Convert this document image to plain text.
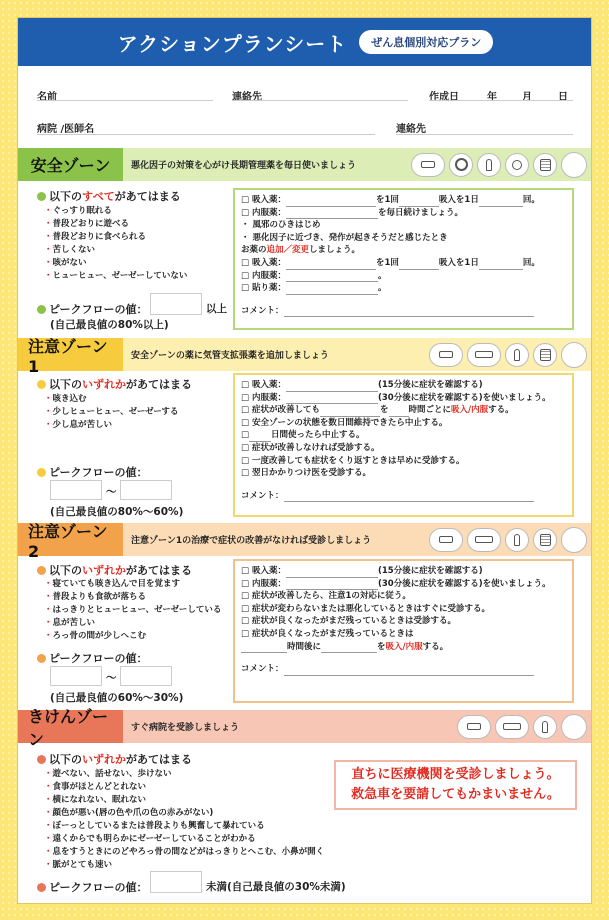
アクションプランシート	ぜん息個別対応プラン
名前	連絡先	作成日	年	月	日
病院 /医師名	連絡先
安全ゾーン	悪化因子の対策を心がけ長期管理薬を毎日使いましょう
以下の すべて があてはまる
・ ぐっすり眠れる
・ 普段どおりに遊べる
・ 普段どおりに食べられる
・ 苦しくない
・ 咳がない
・ ヒューヒュー、ゼーゼーしていない
ピークフローの値：	以上
(自己最良値の80%以上)
□ 吸入薬：	を1回	吸入を1日	回。
□ 内服薬：	を毎日続けましょう。
・ 風邪のひきはじめ
・ 悪化因子に近づき、発作が起きそうだと感じたとき
お薬の追加／変更しましょう。
□ 吸入薬：	を1回	吸入を1日	回。
□ 内服薬：	。
□ 貼り薬：	。
コメント：
注意ゾーン1
安全ゾーンの薬に気管支拡張薬を追加しましょう
以下の いずれか があてはまる
・ 咳き込む
・ 少しヒューヒュー、ゼーゼーする
・ 少し息が苦しい
ピークフローの値：
〜
(自己最良値の80%〜60%)
□ 吸入薬：	(15分後に症状を確認する)
□ 内服薬：	(30分後に症状を確認する)を使いましょう。
□ 症状が改善しても	を 時間ごとに吸入/内服する。
□ 安全ゾーンの状態を数日間維持できたら中止する。
□	日間使ったら中止する。
□ 症状が改善しなければ受診する。
□ 一度改善しても症状をくり返すときは早めに受診する。
□ 翌日かかりつけ医を受診する。
コメント：
注意ゾーン2
注意ゾーン1の治療で症状の改善がなければ受診しましょう
以下の いずれか があてはまる
・ 寝ていても咳き込んで目を覚ます
・ 普段よりも食欲が落ちる
・ はっきりとヒューヒュー、ゼーゼーしている
・ 息が苦しい
・ ろっ骨の間が少しへこむ
ピークフローの値：
〜
(自己最良値の60%〜30%)
□ 吸入薬：	(15分後に症状を確認する)
□ 内服薬：	(30分後に症状を確認する)を使いましょう。
□ 症状が改善したら、注意1の対応に従う。
□ 症状が変わらないまたは悪化しているときはすぐに受診する。
□ 症状が良くなったがまだ残っているときは受診する。
□ 症状が良くなったがまだ残っているときは
時間後に	を吸入/内服する。
コメント：
きけんゾーン
すぐ病院を受診しましょう
以下の いずれか があてはまる
・ 遊べない、話せない、歩けない
・ 食事がほとんどとれない
・ 横になれない、眠れない
・ 顔色が悪い(唇の色や爪の色の赤みがない)
・ ぼーっとしているまたは普段よりも興奮して暴れている
・ 遠くからでも明らかにゼーゼーしていることがわかる
・ 息をすうときにのどやろっ骨の間などがはっきりとへこむ、小鼻が開く
・ 脈がとても速い
直ちに医療機関を受診しましょう。
救急車を要請してもかまいません。
ピークフローの値：	未満(自己最良値の30%未満)
